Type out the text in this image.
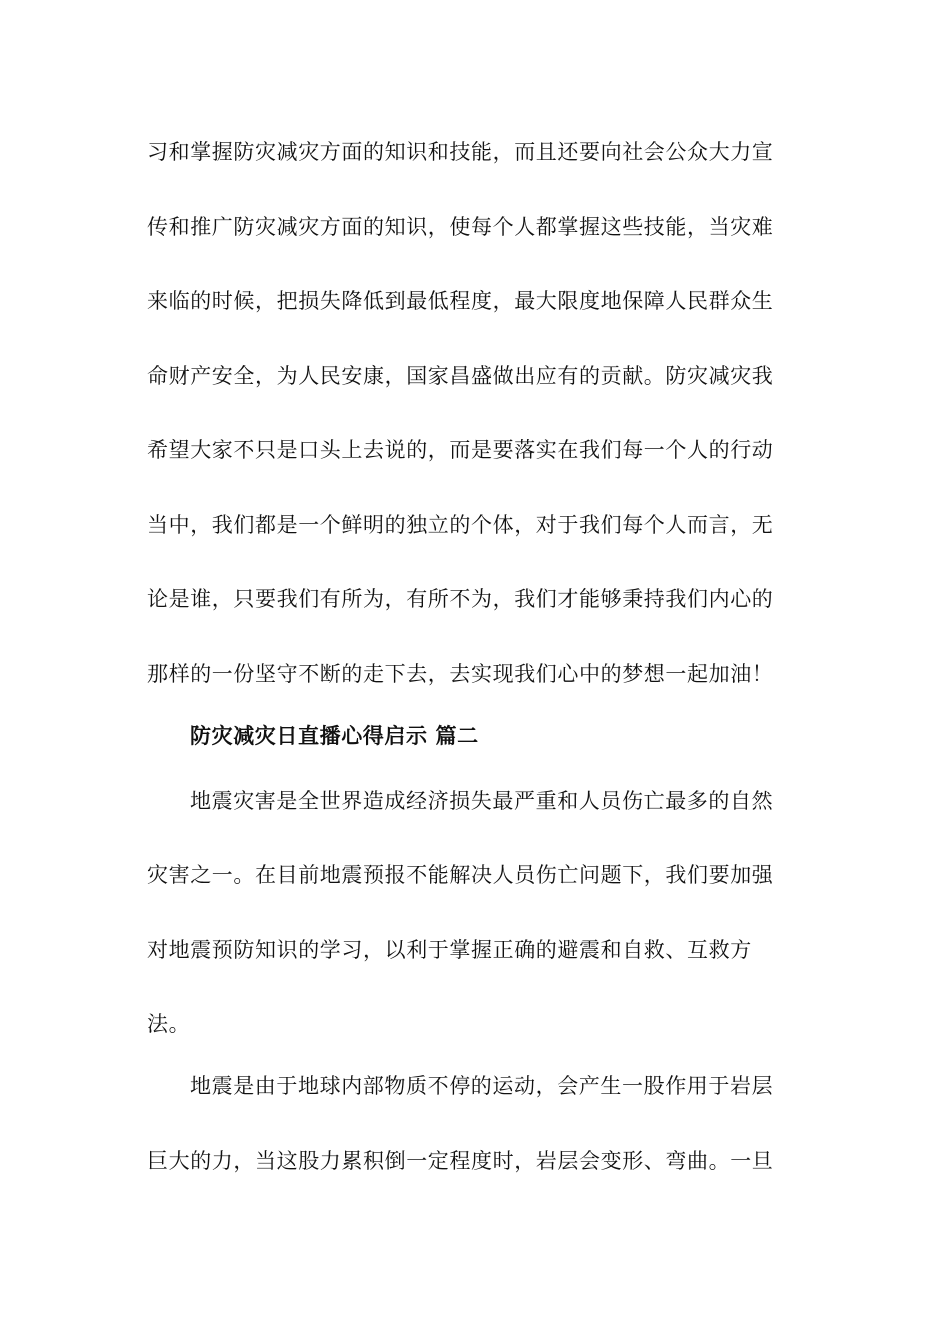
习和掌握防灾减灾方面的知识和技能，而且还要向社会公众大力宣
传和推广防灾减灾方面的知识，使每个人都掌握这些技能，当灾难
来临的时候，把损失降低到最低程度，最大限度地保障人民群众生
命财产安全，为人民安康，国家昌盛做出应有的贡献。防灾减灾我
希望大家不只是口头上去说的，而是要落实在我们每一个人的行动
当中，我们都是一个鲜明的独立的个体，对于我们每个人而言，无
论是谁，只要我们有所为，有所不为，我们才能够秉持我们内心的
那样的一份坚守不断的走下去，去实现我们心中的梦想一起加油！
防灾减灾日直播心得启示 篇二
地震灾害是全世界造成经济损失最严重和人员伤亡最多的自然
灾害之一。在目前地震预报不能解决人员伤亡问题下，我们要加强
对地震预防知识的学习，以利于掌握正确的避震和自救、互救方
法。
地震是由于地球内部物质不停的运动，会产生一股作用于岩层
巨大的力，当这股力累积倒一定程度时，岩层会变形、弯曲。一旦
